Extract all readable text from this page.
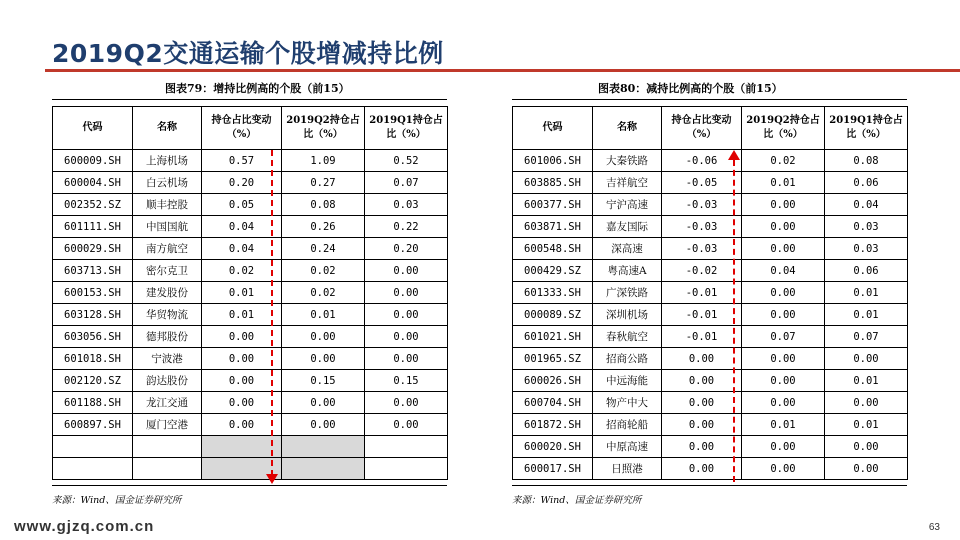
2019Q2交通运输个股增减持比例
图表79：增持比例高的个股（前15）
代码	名称	持仓占比变动（%）	2019Q2持仓占比（%）	2019Q1持仓占比（%）
600009.SH	上海机场	0.57	1.09	0.52
600004.SH	白云机场	0.20	0.27	0.07
002352.SZ	顺丰控股	0.05	0.08	0.03
601111.SH	中国国航	0.04	0.26	0.22
600029.SH	南方航空	0.04	0.24	0.20
603713.SH	密尔克卫	0.02	0.02	0.00
600153.SH	建发股份	0.01	0.02	0.00
603128.SH	华贸物流	0.01	0.01	0.00
603056.SH	德邦股份	0.00	0.00	0.00
601018.SH	宁波港	0.00	0.00	0.00
002120.SZ	韵达股份	0.00	0.15	0.15
601188.SH	龙江交通	0.00	0.00	0.00
600897.SH	厦门空港	0.00	0.00	0.00

来源：Wind、国金证券研究所
图表80：减持比例高的个股（前15）
代码	名称	持仓占比变动（%）	2019Q2持仓占比（%）	2019Q1持仓占比（%）
601006.SH	大秦铁路	-0.06	0.02	0.08
603885.SH	吉祥航空	-0.05	0.01	0.06
600377.SH	宁沪高速	-0.03	0.00	0.04
603871.SH	嘉友国际	-0.03	0.00	0.03
600548.SH	深高速	-0.03	0.00	0.03
000429.SZ	粤高速A	-0.02	0.04	0.06
601333.SH	广深铁路	-0.01	0.00	0.01
000089.SZ	深圳机场	-0.01	0.00	0.01
601021.SH	春秋航空	-0.01	0.07	0.07
001965.SZ	招商公路	0.00	0.00	0.00
600026.SH	中远海能	0.00	0.00	0.01
600704.SH	物产中大	0.00	0.00	0.00
601872.SH	招商轮船	0.00	0.01	0.01
600020.SH	中原高速	0.00	0.00	0.00
600017.SH	日照港	0.00	0.00	0.00
来源：Wind、国金证券研究所
www.gjzq.com.cn	63
